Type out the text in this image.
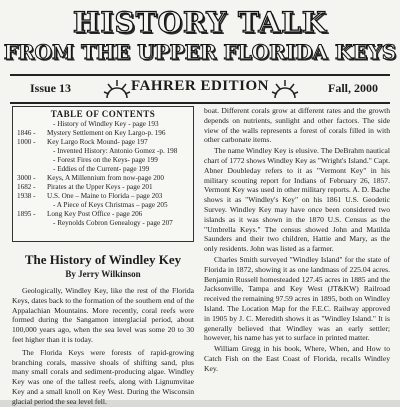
HISTORY TALK
FROM THE UPPER FLORIDA KEYS
Issue 13	FAHRER EDITION	Fall, 2000
TABLE OF CONTENTS
- History of Windley Key - page 193
1846 - Mystery Settlement on Key Largo-p. 196
1000 - Key Largo Rock Mound- page 197
- Invented History: Antonio Gomez -p. 198
- Forest Fires on the Keys- page 199
- Eddies of the Current- page 199
3000 - Keys, A Millennium from now-page 200
1682 - Pirates at the Upper Keys - page 201
1938 - U.S. One – Maine to Florida – page 203
- A Piece of Keys Christmas – page 205
1895 - Long Key Post Office - page 206
- Reynolds Cobron Genealogy - page 207
The History of Windley Key
By Jerry Wilkinson

Geologically, Windley Key, like the rest of the Florida Keys, dates back to the formation of the southern end of the Appalachian Mountains. More recently, coral reefs were formed during the Sangamon interglacial period, about 100,000 years ago, when the sea level was some 20 to 30 feet higher than it is today.

The Florida Keys were forests of rapid-growing branching corals, massive shoals of shifting sand, plus many small corals and sediment-producing algae. Windley Key was one of the tallest reefs, along with Lignumvitae Key and a small knoll on Key West. During the Wisconsin glacial period the sea level fell.

boat. Different corals grow at different rates and the growth depends on nutrients, sunlight and other factors. The side view of the walls represents a forest of corals filled in with other carbonate items.

The name Windley Key is elusive. The DeBrahm nautical chart of 1772 shows Windley Key as "Wright's Island." Capt. Abner Doubleday refers to it as "Vermont Key" in his military scouting report for Indians of February 26, 1857. Vermont Key was used in other military reports. A. D. Bache shows it as "Windley's Key" on his 1861 U.S. Geodetic Survey. Windley Key may have once been considered two islands as it was shown in the 1870 U.S. Census as the "Umbrella Keys." The census showed John and Matilda Saunders and their two children, Hattie and Mary, as the only residents. John was listed as a farmer.

Charles Smith surveyed "Windley Island" for the state of Florida in 1872, showing it as one landmass of 225.04 acres. Benjamin Russell homesteaded 127.45 acres in 1885 and the Jacksonville, Tampa and Key West (JT&KW) Railroad received the remaining 97.59 acres in 1895, both on Windley Island. The Location Map for the F.E.C. Railway approved in 1905 by J. C. Meredith shows it as "Windley Island." It is generally believed that Windley was an early settler; however, his name has yet to surface in printed matter.

William Gregg in his book, Where, When, and How to Catch Fish on the East Coast of Florida, recalls Windley Key.
